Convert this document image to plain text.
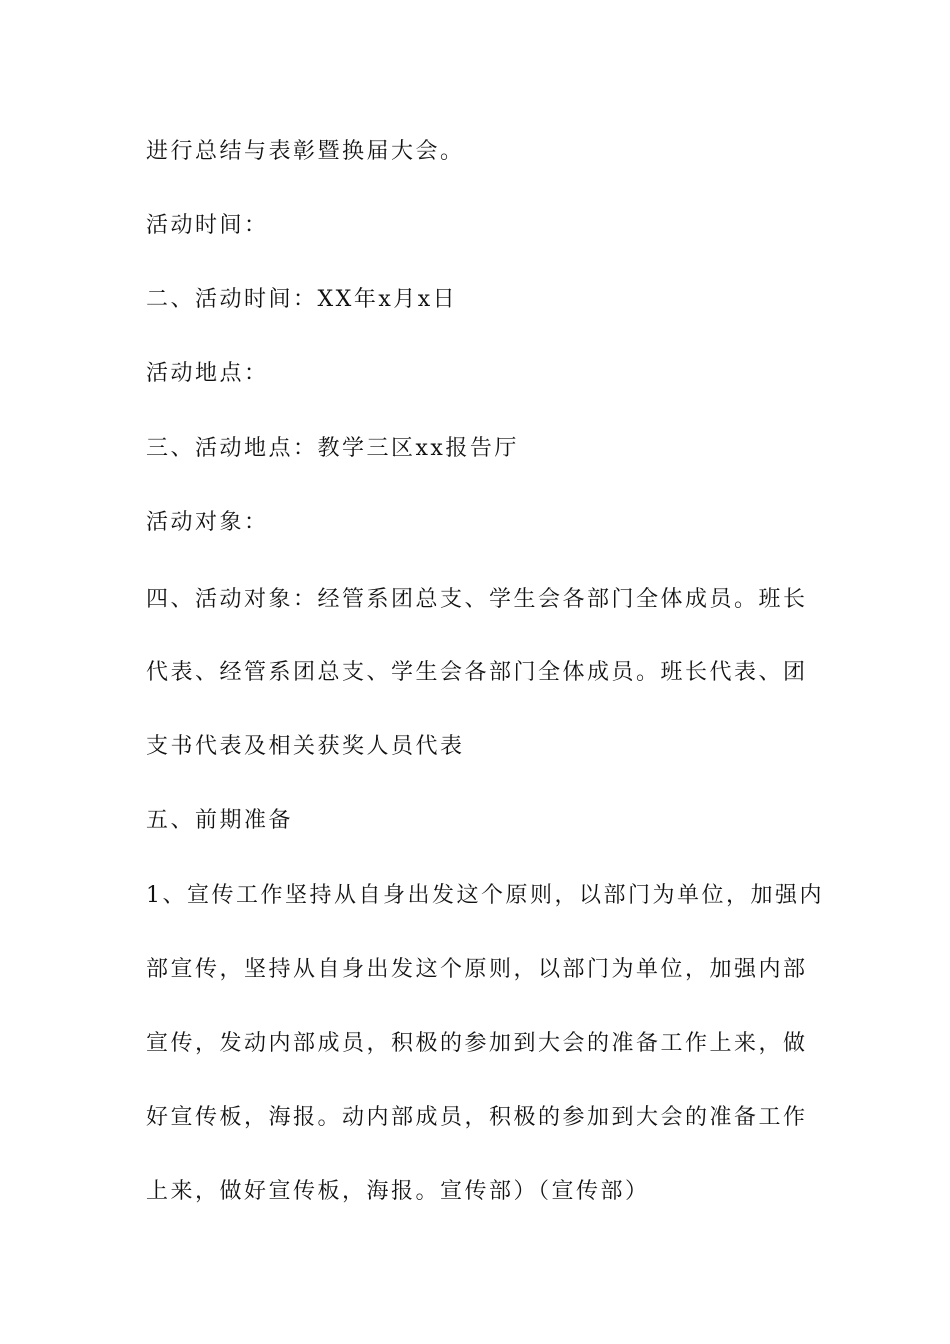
进行总结与表彰暨换届大会。

活动时间：

二、活动时间：XX年x月x日

活动地点：

三、活动地点：教学三区xx报告厅

活动对象：

四、活动对象：经管系团总支、学生会各部门全体成员。班长

代表、经管系团总支、学生会各部门全体成员。班长代表、团

支书代表及相关获奖人员代表

五、前期准备

1、宣传工作坚持从自身出发这个原则，以部门为单位，加强内

部宣传，坚持从自身出发这个原则，以部门为单位，加强内部

宣传，发动内部成员，积极的参加到大会的准备工作上来，做

好宣传板，海报。动内部成员，积极的参加到大会的准备工作

上来，做好宣传板，海报。宣传部）（宣传部）
